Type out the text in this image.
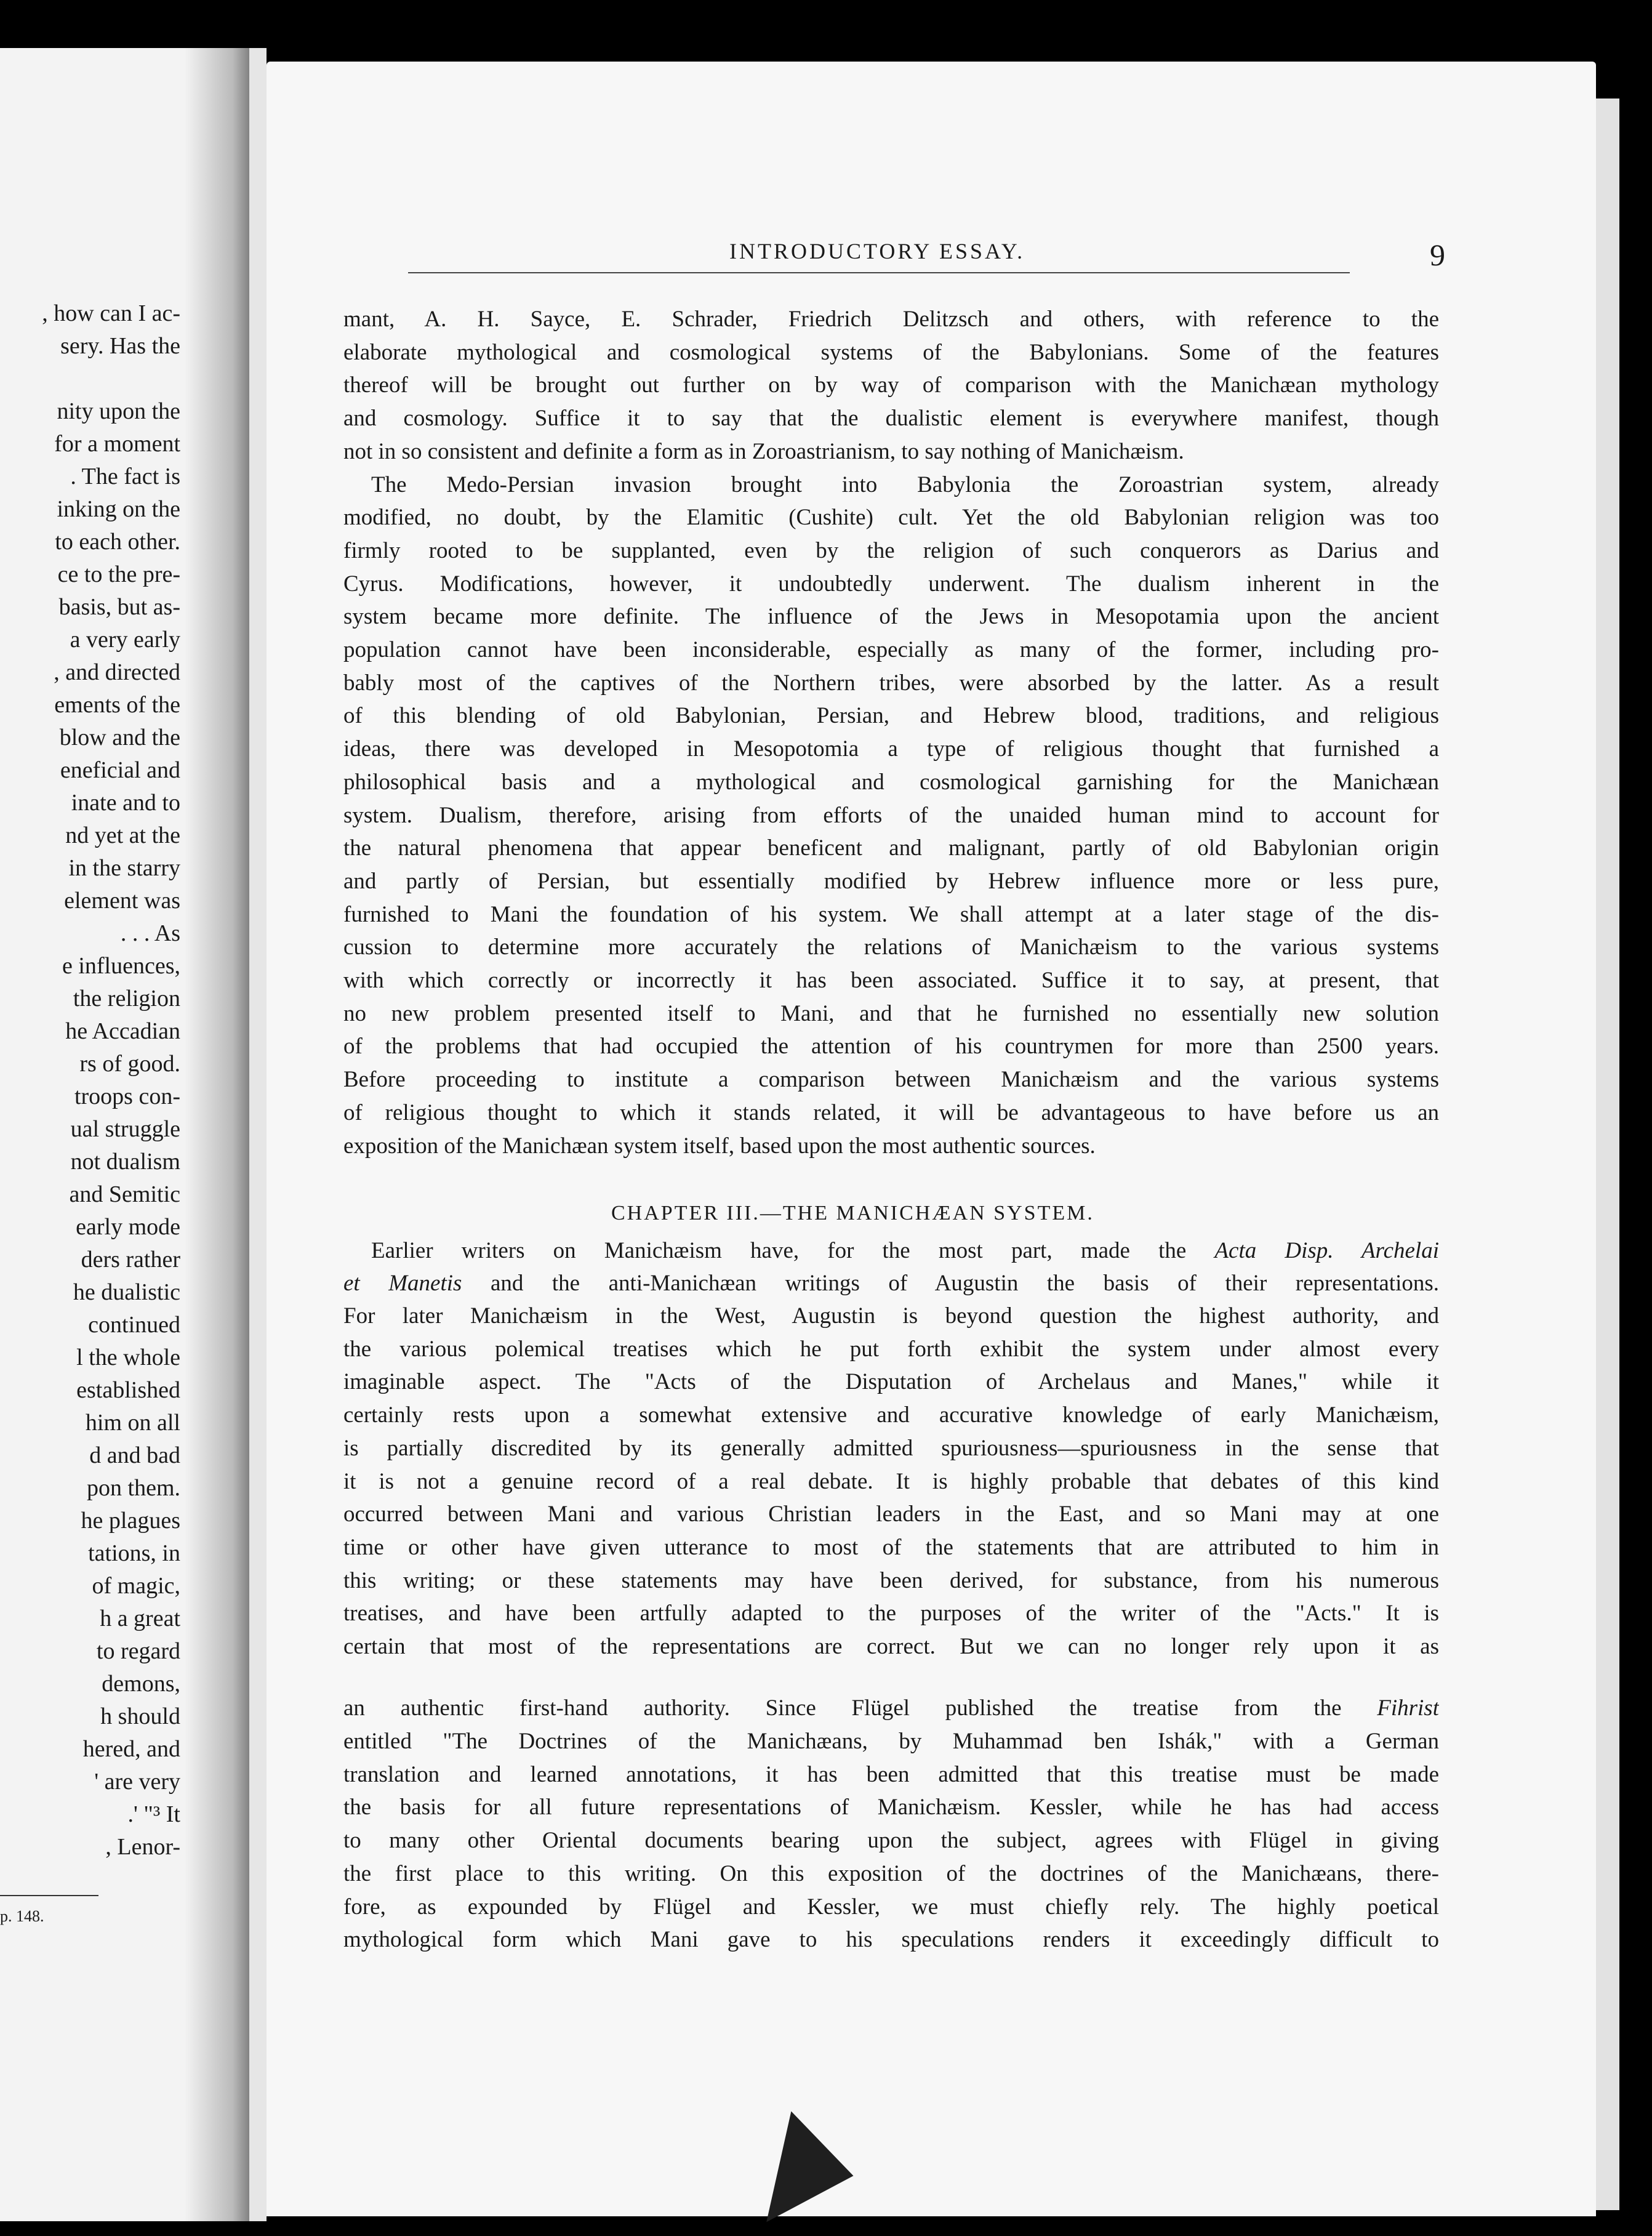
, how can I ac-
sery. Has the
nity upon the
for a moment
. The fact is
inking on the
to each other.
ce to the pre-
basis, but as-
a very early
, and directed
ements of the
blow and the
eneficial and
inate and to
nd yet at the
in the starry
element was
. . . As
e influences,
the religion
he Accadian
rs of good.
troops con-
ual struggle
not dualism
and Semitic
early mode
ders rather
he dualistic
continued
l the whole
established
him on all
d and bad
pon them.
he plagues
tations, in
of magic,
h a great
to regard
demons,
h should
hered, and
' are very
.' "³ It
, Lenor-
p. 148.
INTRODUCTORY ESSAY.	9
mant, A. H. Sayce, E. Schrader, Friedrich Delitzsch and others, with reference to the
elaborate mythological and cosmological systems of the Babylonians. Some of the features
thereof will be brought out further on by way of comparison with the Manichæan mythology
and cosmology. Suffice it to say that the dualistic element is everywhere manifest, though
not in so consistent and definite a form as in Zoroastrianism, to say nothing of Manichæism.
The Medo-Persian invasion brought into Babylonia the Zoroastrian system, already
modified, no doubt, by the Elamitic (Cushite) cult. Yet the old Babylonian religion was too
firmly rooted to be supplanted, even by the religion of such conquerors as Darius and
Cyrus. Modifications, however, it undoubtedly underwent. The dualism inherent in the
system became more definite. The influence of the Jews in Mesopotamia upon the ancient
population cannot have been inconsiderable, especially as many of the former, including pro-
bably most of the captives of the Northern tribes, were absorbed by the latter. As a result
of this blending of old Babylonian, Persian, and Hebrew blood, traditions, and religious
ideas, there was developed in Mesopotomia a type of religious thought that furnished a
philosophical basis and a mythological and cosmological garnishing for the Manichæan
system. Dualism, therefore, arising from efforts of the unaided human mind to account for
the natural phenomena that appear beneficent and malignant, partly of old Babylonian origin
and partly of Persian, but essentially modified by Hebrew influence more or less pure,
furnished to Mani the foundation of his system. We shall attempt at a later stage of the dis-
cussion to determine more accurately the relations of Manichæism to the various systems
with which correctly or incorrectly it has been associated. Suffice it to say, at present, that
no new problem presented itself to Mani, and that he furnished no essentially new solution
of the problems that had occupied the attention of his countrymen for more than 2500 years.
Before proceeding to institute a comparison between Manichæism and the various systems
of religious thought to which it stands related, it will be advantageous to have before us an
exposition of the Manichæan system itself, based upon the most authentic sources.
CHAPTER III.—THE MANICHÆAN SYSTEM.
Earlier writers on Manichæism have, for the most part, made the Acta Disp. Archelai
et Manetis and the anti-Manichæan writings of Augustin the basis of their representations.
For later Manichæism in the West, Augustin is beyond question the highest authority, and
the various polemical treatises which he put forth exhibit the system under almost every
imaginable aspect. The "Acts of the Disputation of Archelaus and Manes," while it
certainly rests upon a somewhat extensive and accurative knowledge of early Manichæism,
is partially discredited by its generally admitted spuriousness—spuriousness in the sense that
it is not a genuine record of a real debate. It is highly probable that debates of this kind
occurred between Mani and various Christian leaders in the East, and so Mani may at one
time or other have given utterance to most of the statements that are attributed to him in
this writing; or these statements may have been derived, for substance, from his numerous
treatises, and have been artfully adapted to the purposes of the writer of the "Acts." It is
certain that most of the representations are correct. But we can no longer rely upon it as
an authentic first-hand authority. Since Flügel published the treatise from the Fihrist
entitled "The Doctrines of the Manichæans, by Muhammad ben Ishák," with a German
translation and learned annotations, it has been admitted that this treatise must be made
the basis for all future representations of Manichæism. Kessler, while he has had access
to many other Oriental documents bearing upon the subject, agrees with Flügel in giving
the first place to this writing. On this exposition of the doctrines of the Manichæans, there-
fore, as expounded by Flügel and Kessler, we must chiefly rely. The highly poetical
mythological form which Mani gave to his speculations renders it exceedingly difficult to
